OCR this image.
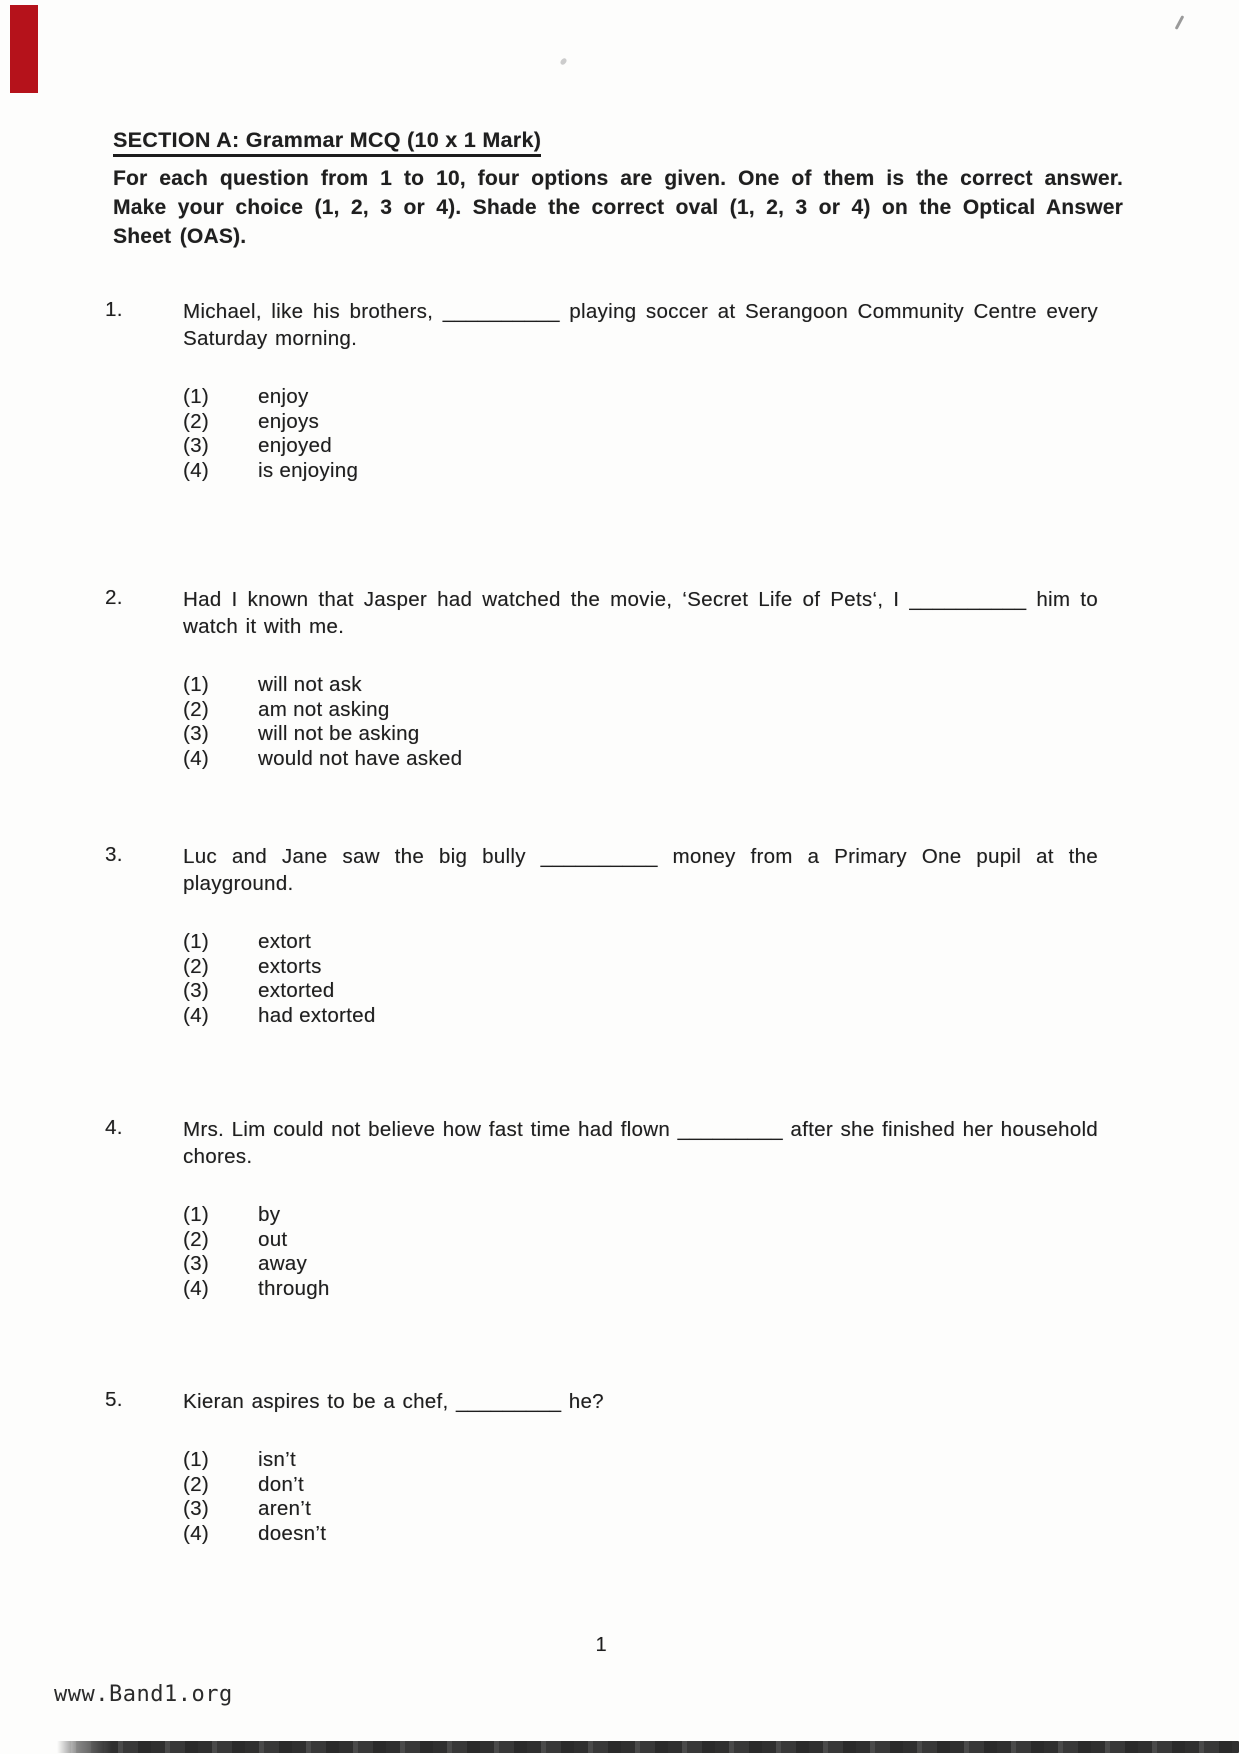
SECTION A: Grammar MCQ (10 x 1 Mark)
For each question from 1 to 10, four options are given. One of them is the correct answer. Make your choice (1, 2, 3 or 4). Shade the correct oval (1, 2, 3 or 4) on the Optical Answer Sheet (OAS).
1.	Michael, like his brothers, __________ playing soccer at Serangoon Community Centre every Saturday morning.
(1)	enjoy
(2)	enjoys
(3)	enjoyed
(4)	is enjoying
2.	Had I known that Jasper had watched the movie, ‘Secret Life of Pets‘, I __________ him to watch it with me.
(1)	will not ask
(2)	am not asking
(3)	will not be asking
(4)	would not have asked
3.	Luc and Jane saw the big bully __________ money from a Primary One pupil at the playground.
(1)	extort
(2)	extorts
(3)	extorted
(4)	had extorted
4.	Mrs. Lim could not believe how fast time had flown _________ after she finished her household chores.
(1)	by
(2)	out
(3)	away
(4)	through
5.	Kieran aspires to be a chef, _________ he?
(1)	isn’t
(2)	don’t
(3)	aren’t
(4)	doesn’t
1
www.Band1.org
